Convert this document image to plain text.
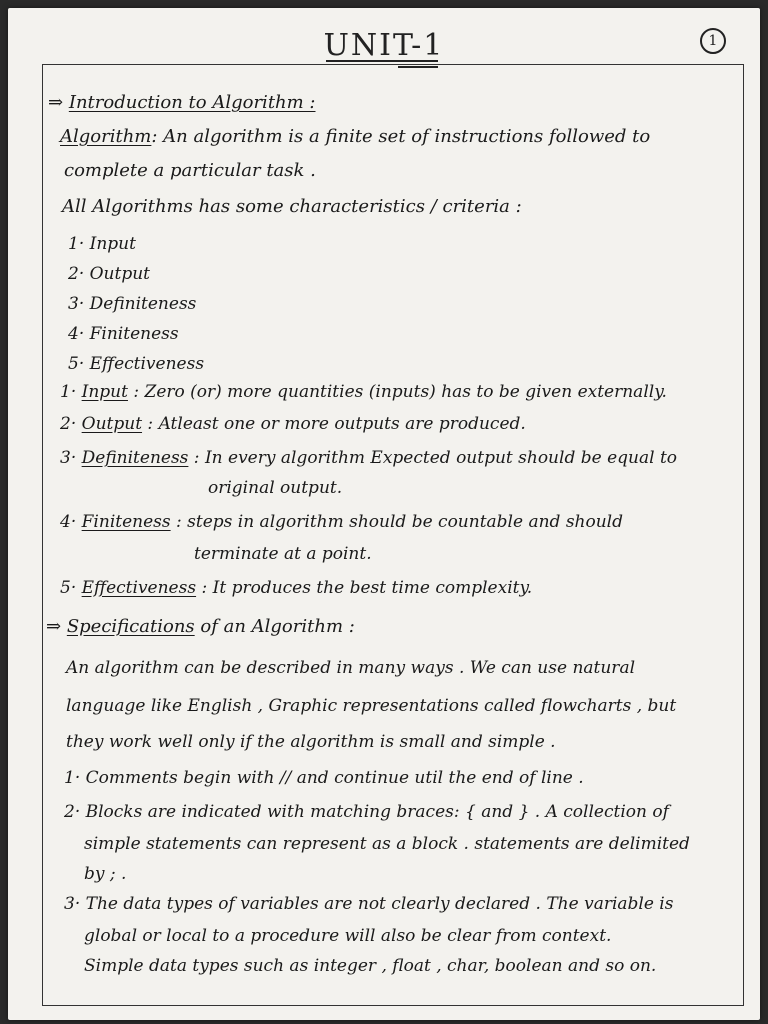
UNIT-1	1
⇒ Introduction to Algorithm :
Algorithm: An algorithm is a finite set of instructions followed to
complete a particular task .
All Algorithms has some characteristics / criteria :
1· Input
2· Output
3· Definiteness
4· Finiteness
5· Effectiveness
1· Input : Zero (or) more quantities (inputs) has to be given externally.
2· Output : Atleast one or more outputs are produced.
3· Definiteness : In every algorithm Expected output should be equal to
original output.
4· Finiteness : steps in algorithm should be countable and should
terminate at a point.
5· Effectiveness : It produces the best time complexity.
⇒ Specifications of an Algorithm :
An algorithm can be described in many ways . We can use natural
language like English , Graphic representations called flowcharts , but
they work well only if the algorithm is small and simple .
1· Comments begin with // and continue util the end of line .
2· Blocks are indicated with matching braces: { and } . A collection of
simple statements can represent as a block . statements are delimited
by ; .
3· The data types of variables are not clearly declared . The variable is
global or local to a procedure will also be clear from context.
Simple data types such as integer , float , char, boolean and so on.
